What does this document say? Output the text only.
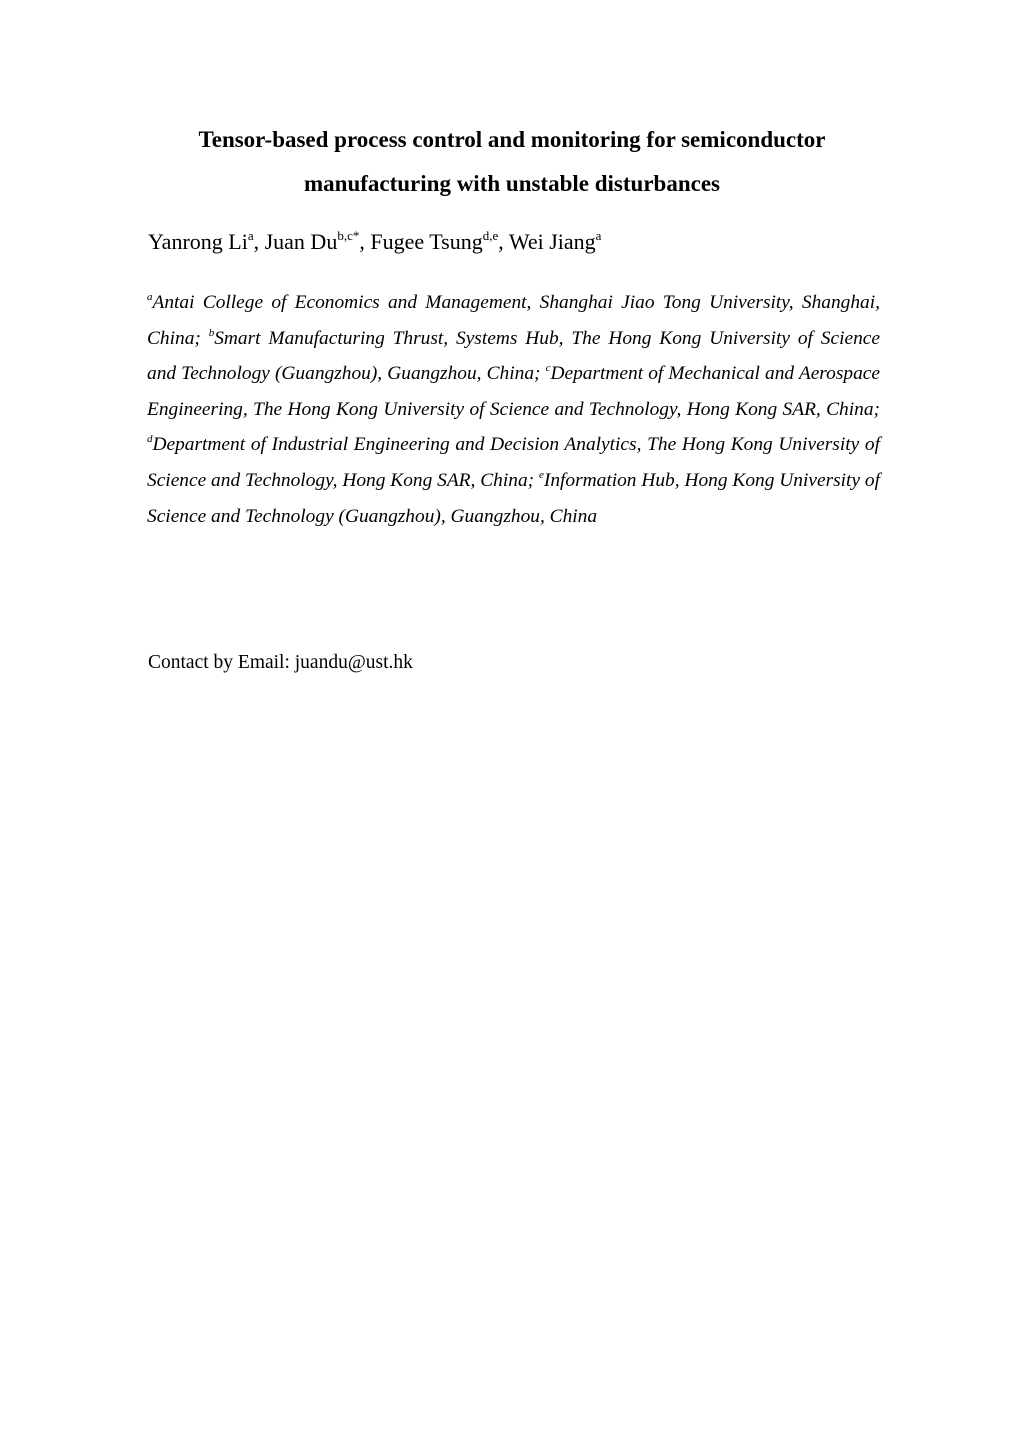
Tensor-based process control and monitoring for semiconductor
manufacturing with unstable disturbances

Yanrong Li$^a$, Juan $Du^{b,c*}$, Fugee Tsung$^{d,e}$, Wei Jiang$^a$

$^a$Antai College of Economics and Management, Shanghai Jiao Tong University, Shanghai, China; $^b$Smart Manufacturing Thrust, Systems Hub, The Hong Kong University of Science and Technology (Guangzhou), Guangzhou, China; $^c$Department of Mechanical and Aerospace Engineering, The Hong Kong University of Science and Technology, Hong Kong SAR, China; $^d$Department of Industrial Engineering and Decision Analytics, The Hong Kong University of Science and Technology, Hong Kong SAR, China; $^e$Information Hub, Hong Kong University of Science and Technology (Guangzhou), Guangzhou, China

Contact by Email: juandu@ust.hk
